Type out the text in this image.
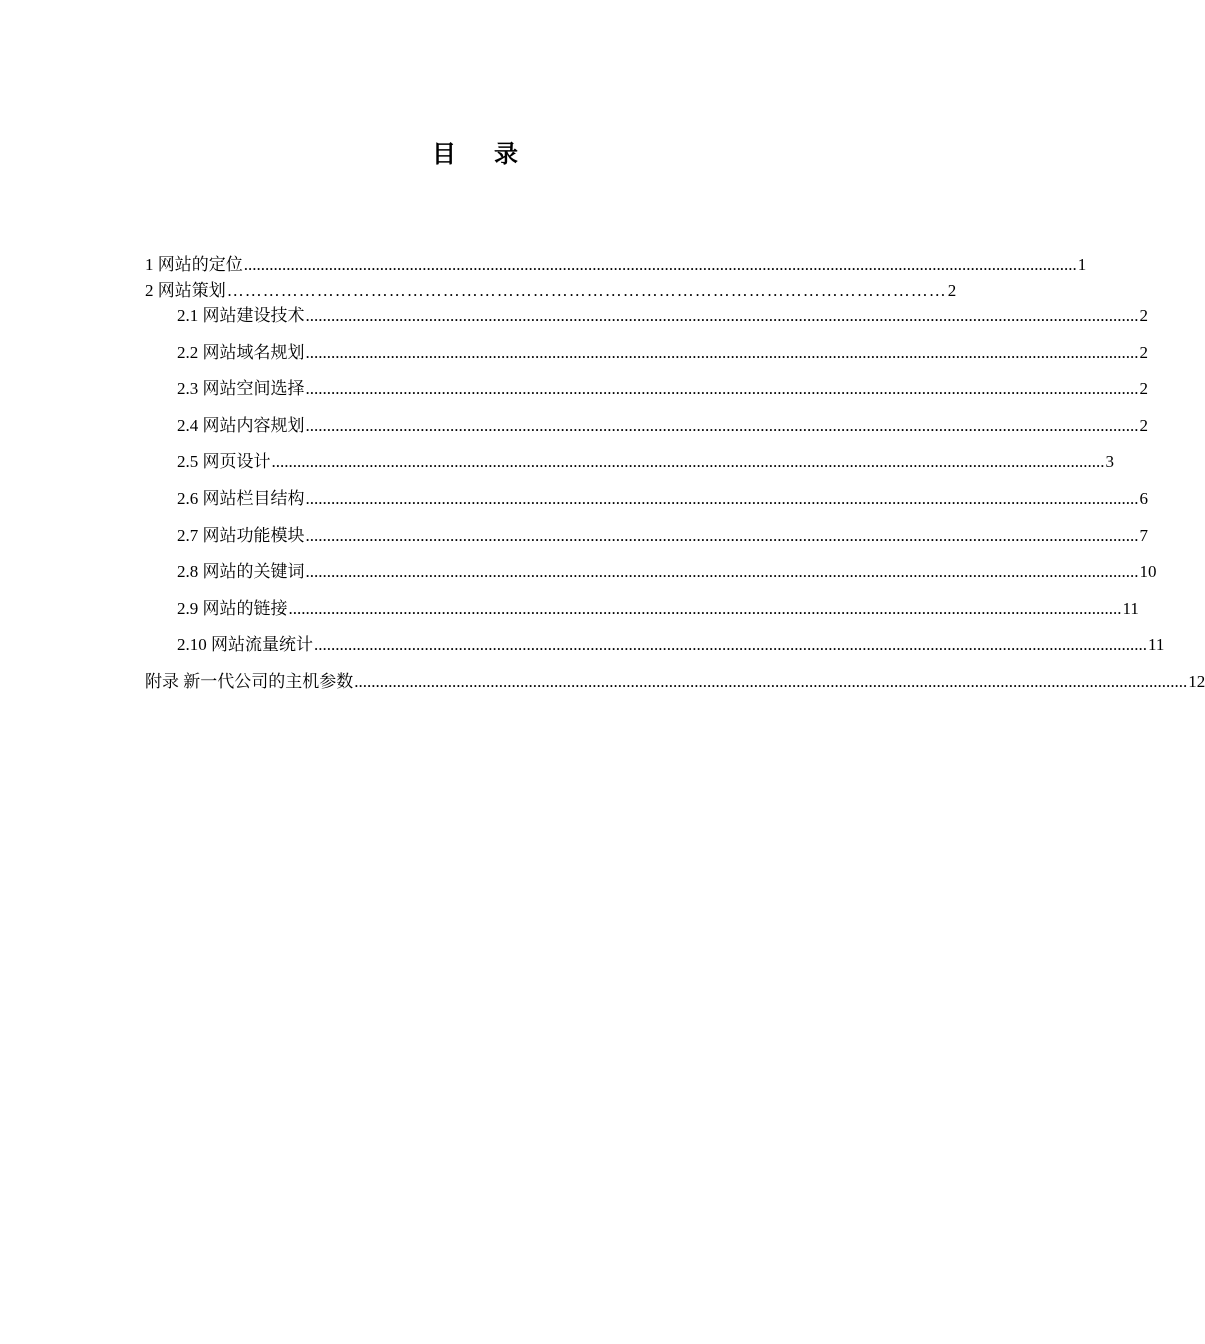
目 录
1 网站的定位 .................................................................................................................................................................................................... 1
2 网站策划 ………………………………………………………………………………………………………… 2
2.1 网站建设技术 .................................................................................................................................................................................................... 2
2.2 网站域名规划 .................................................................................................................................................................................................... 2
2.3 网站空间选择 .................................................................................................................................................................................................... 2
2.4 网站内容规划 .................................................................................................................................................................................................... 2
2.5 网页设计 .................................................................................................................................................................................................... 3
2.6 网站栏目结构 .................................................................................................................................................................................................... 6
2.7 网站功能模块 .................................................................................................................................................................................................... 7
2.8 网站的关键词 .................................................................................................................................................................................................... 10
2.9 网站的链接 .................................................................................................................................................................................................... 11
2.10 网站流量统计 .................................................................................................................................................................................................... 11
附录 新一代公司的主机参数 .................................................................................................................................................................................................... 12
